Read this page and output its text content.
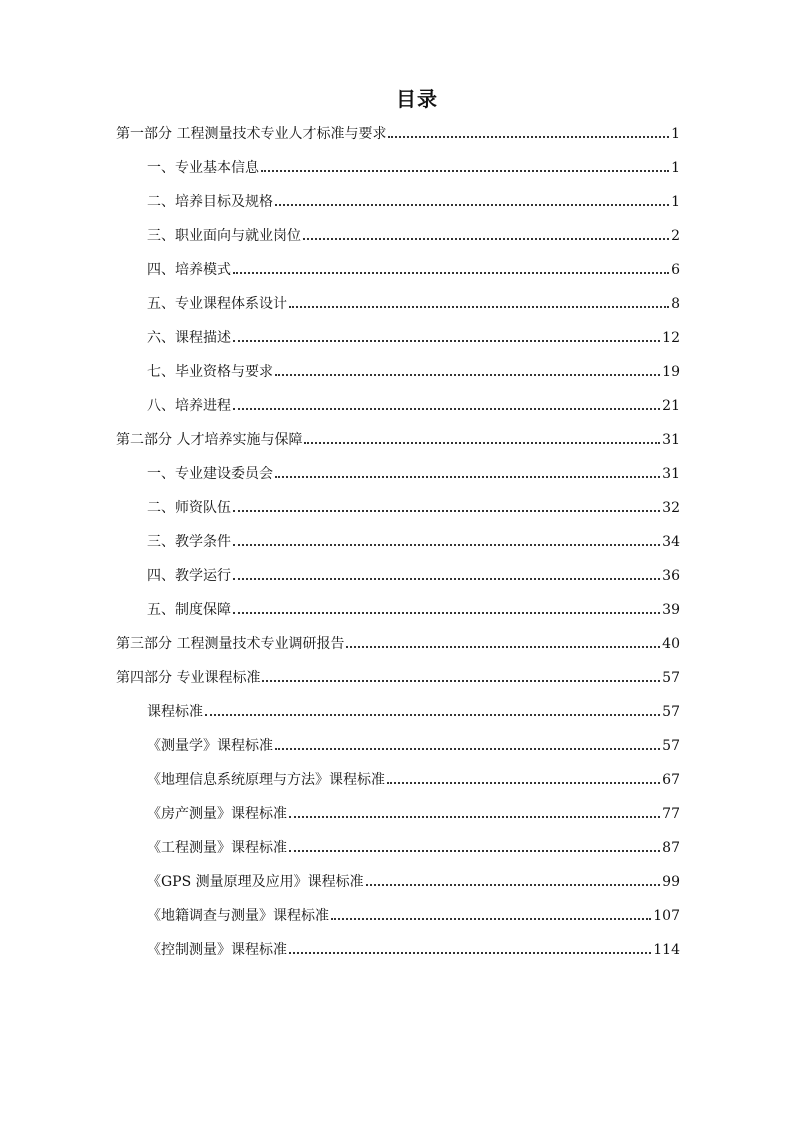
目录
第一部分 工程测量技术专业人才标准与要求	1
一、专业基本信息	1
二、培养目标及规格	1
三、职业面向与就业岗位	2
四、培养模式	6
五、专业课程体系设计	8
六、课程描述	12
七、毕业资格与要求	19
八、培养进程	21
第二部分 人才培养实施与保障	31
一、专业建设委员会	31
二、师资队伍	32
三、教学条件	34
四、教学运行	36
五、制度保障	39
第三部分 工程测量技术专业调研报告	40
第四部分 专业课程标准	57
课程标准	57
《测量学》课程标准	57
《地理信息系统原理与方法》课程标准	67
《房产测量》课程标准	77
《工程测量》课程标准	87
《GPS 测量原理及应用》课程标准	99
《地籍调查与测量》课程标准	107
《控制测量》课程标准	114
